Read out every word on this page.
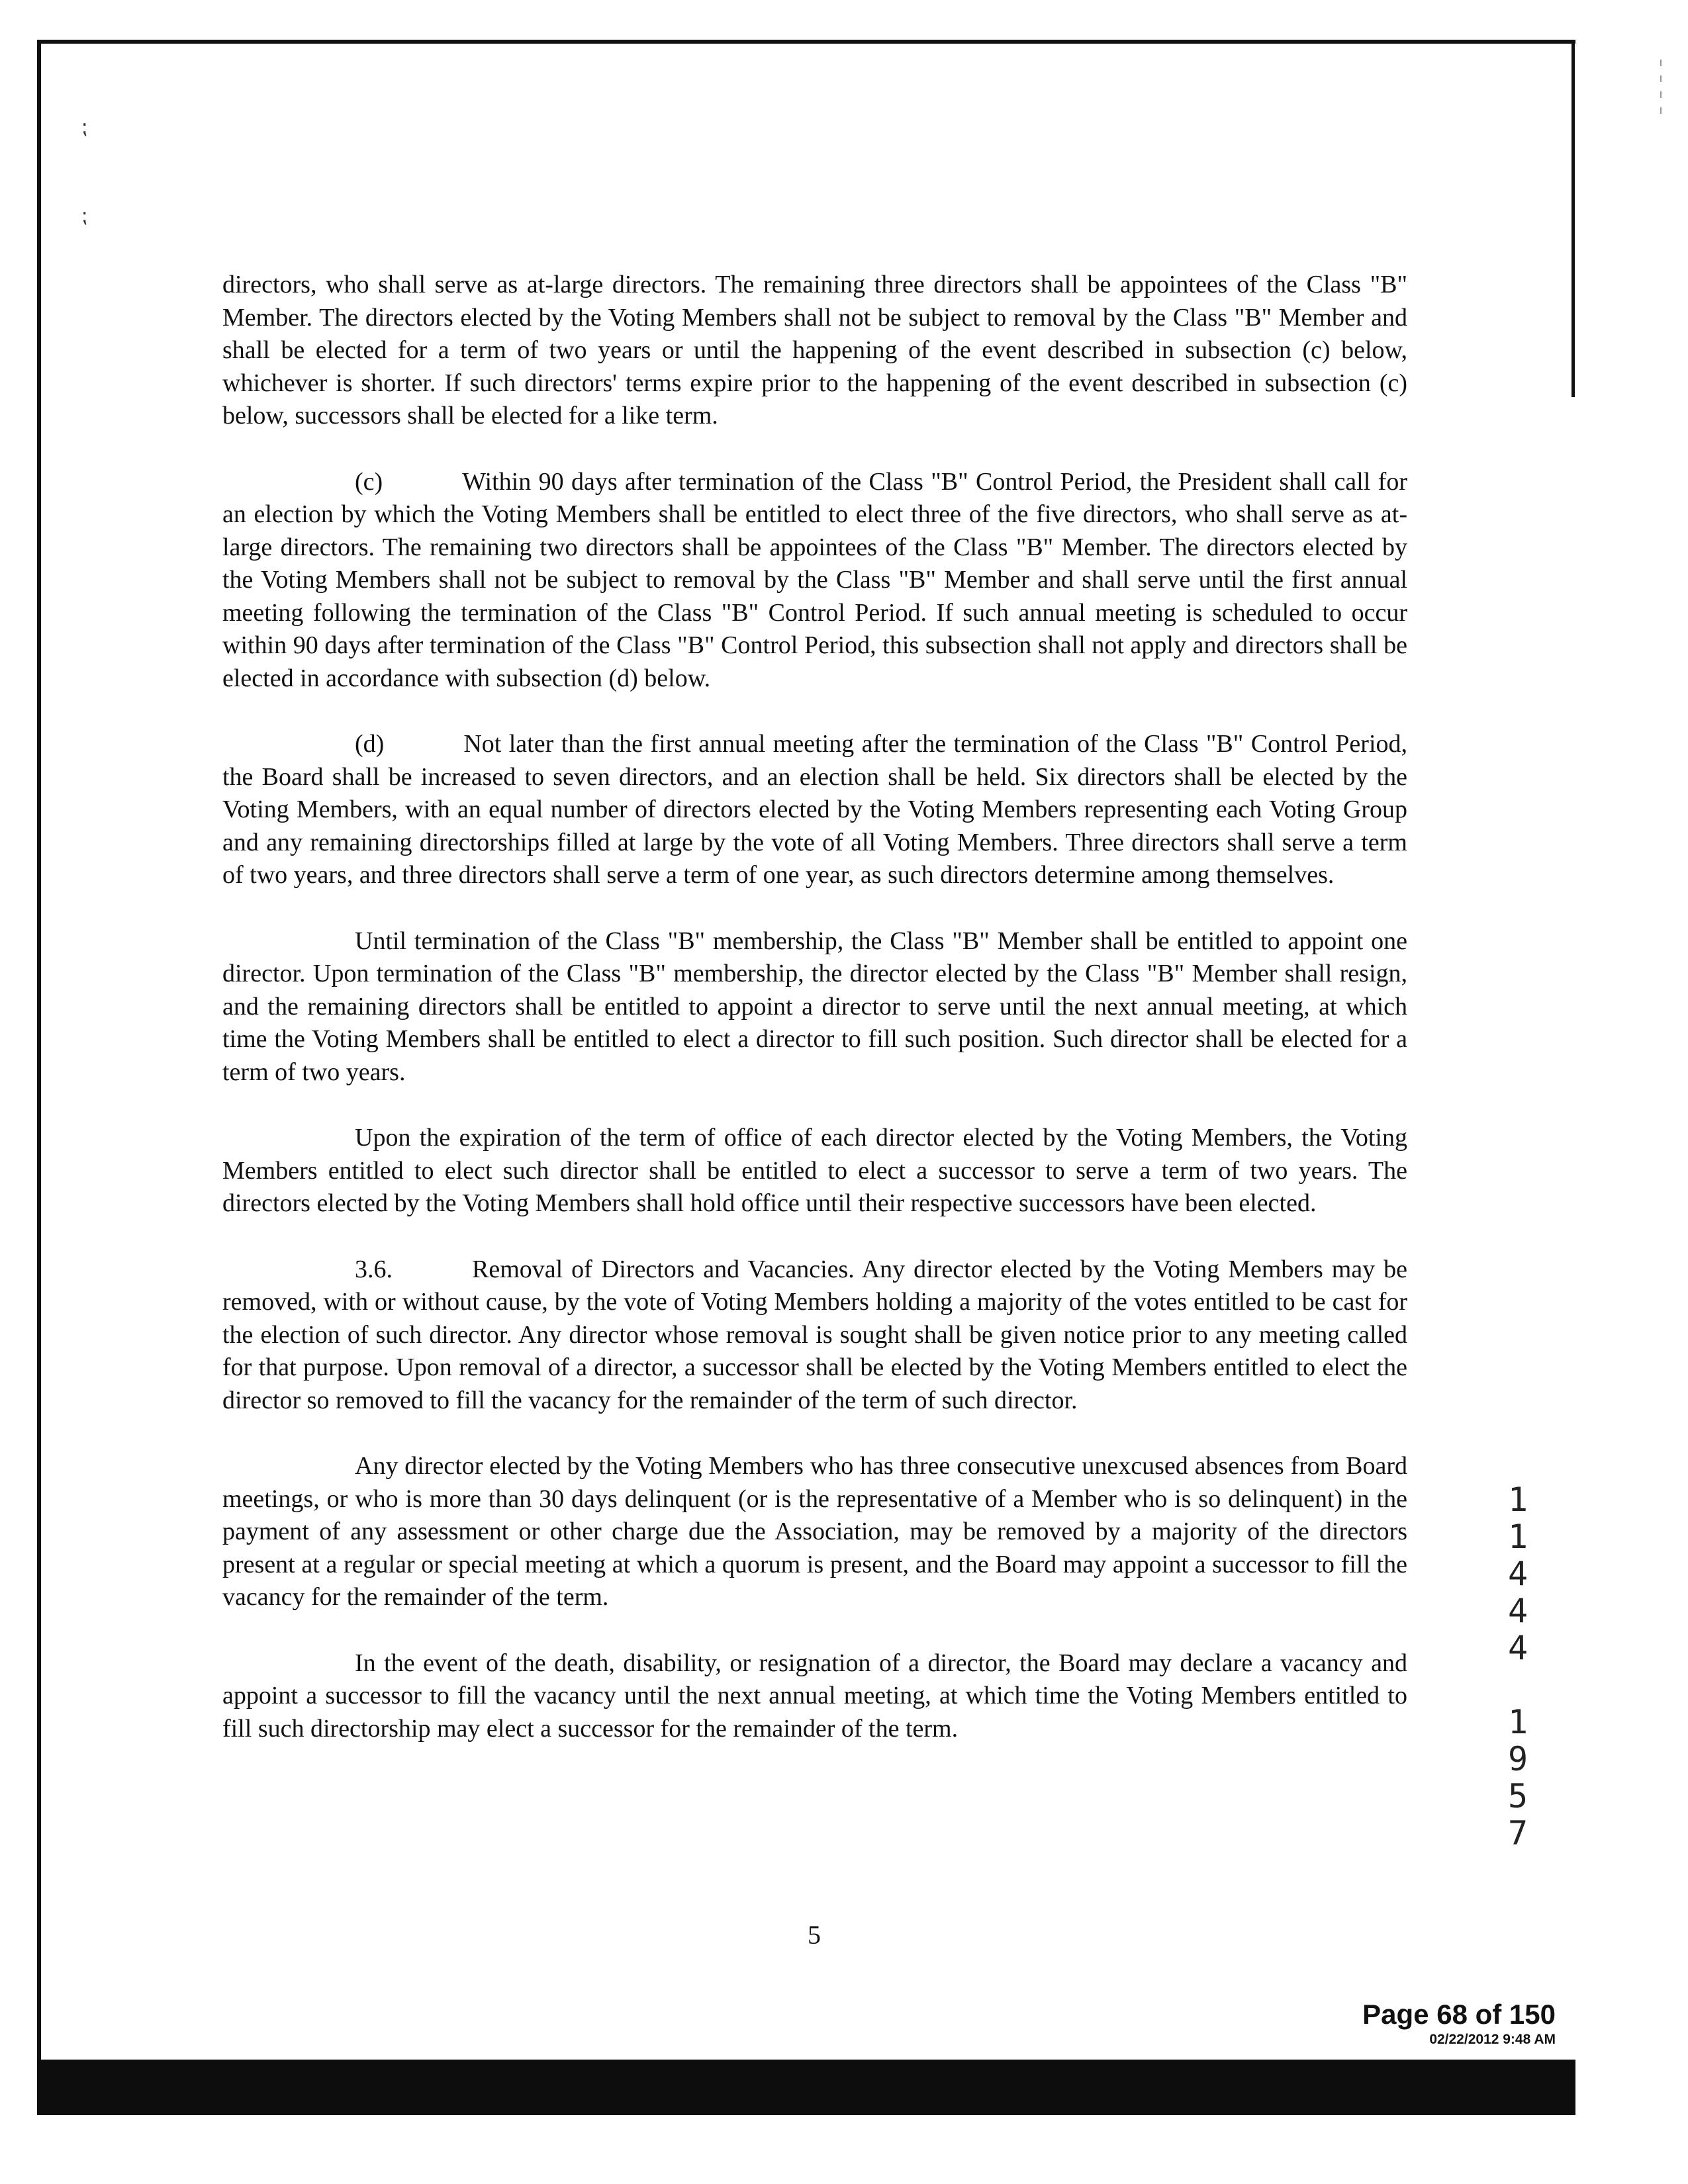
⁏
⁏

directors, who shall serve as at-large directors. The remaining three directors shall be appointees of the Class "B" Member. The directors elected by the Voting Members shall not be subject to removal by the Class "B" Member and shall be elected for a term of two years or until the happening of the event described in subsection (c) below, whichever is shorter. If such directors' terms expire prior to the happening of the event described in subsection (c) below, successors shall be elected for a like term.

(c)	Within 90 days after termination of the Class "B" Control Period, the President shall call for an election by which the Voting Members shall be entitled to elect three of the five directors, who shall serve as at-large directors. The remaining two directors shall be appointees of the Class "B" Member. The directors elected by the Voting Members shall not be subject to removal by the Class "B" Member and shall serve until the first annual meeting following the termination of the Class "B" Control Period. If such annual meeting is scheduled to occur within 90 days after termination of the Class "B" Control Period, this subsection shall not apply and directors shall be elected in accordance with subsection (d) below.

(d)	Not later than the first annual meeting after the termination of the Class "B" Control Period, the Board shall be increased to seven directors, and an election shall be held. Six directors shall be elected by the Voting Members, with an equal number of directors elected by the Voting Members representing each Voting Group and any remaining directorships filled at large by the vote of all Voting Members. Three directors shall serve a term of two years, and three directors shall serve a term of one year, as such directors determine among themselves.

Until termination of the Class "B" membership, the Class "B" Member shall be entitled to appoint one director. Upon termination of the Class "B" membership, the director elected by the Class "B" Member shall resign, and the remaining directors shall be entitled to appoint a director to serve until the next annual meeting, at which time the Voting Members shall be entitled to elect a director to fill such position. Such director shall be elected for a term of two years.

Upon the expiration of the term of office of each director elected by the Voting Members, the Voting Members entitled to elect such director shall be entitled to elect a successor to serve a term of two years. The directors elected by the Voting Members shall hold office until their respective successors have been elected.

3.6.	Removal of Directors and Vacancies. Any director elected by the Voting Members may be removed, with or without cause, by the vote of Voting Members holding a majority of the votes entitled to be cast for the election of such director. Any director whose removal is sought shall be given notice prior to any meeting called for that purpose. Upon removal of a director, a successor shall be elected by the Voting Members entitled to elect the director so removed to fill the vacancy for the remainder of the term of such director.

Any director elected by the Voting Members who has three consecutive unexcused absences from Board meetings, or who is more than 30 days delinquent (or is the representative of a Member who is so delinquent) in the payment of any assessment or other charge due the Association, may be removed by a majority of the directors present at a regular or special meeting at which a quorum is present, and the Board may appoint a successor to fill the vacancy for the remainder of the term.

In the event of the death, disability, or resignation of a director, the Board may declare a vacancy and appoint a successor to fill the vacancy until the next annual meeting, at which time the Voting Members entitled to fill such directorship may elect a successor for the remainder of the term.

5
1
1
4
4
4
1
9
5
7
Page 68 of 150
02/22/2012 9:48 AM
